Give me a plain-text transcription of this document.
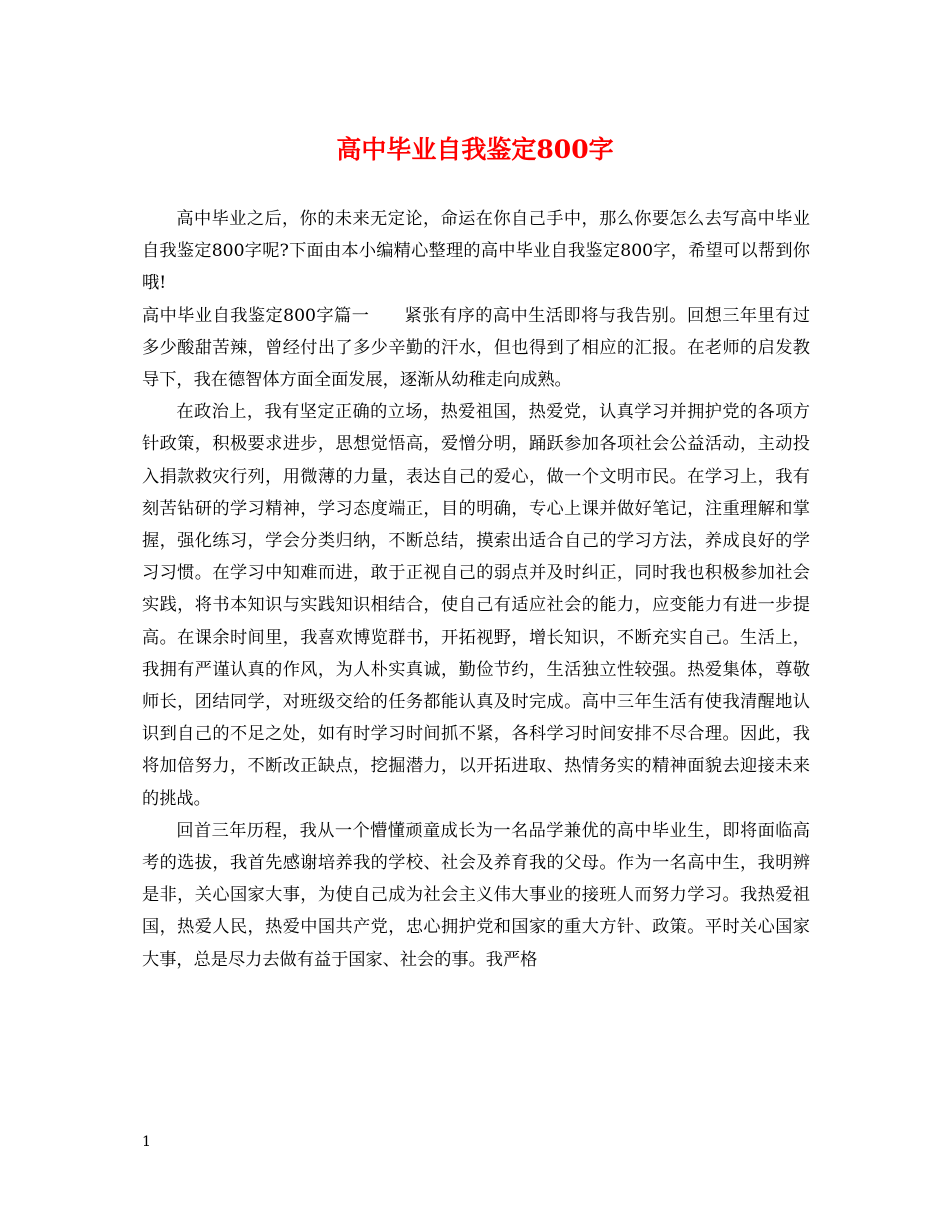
高中毕业自我鉴定800字

高中毕业之后，你的未来无定论，命运在你自己手中，那么你要怎么去写高中毕业自我鉴定800字呢?下面由本小编精心整理的高中毕业自我鉴定800字，希望可以帮到你哦!

高中毕业自我鉴定800字篇一　　紧张有序的高中生活即将与我告别。回想三年里有过多少酸甜苦辣，曾经付出了多少辛勤的汗水，但也得到了相应的汇报。在老师的启发教导下，我在德智体方面全面发展，逐渐从幼稚走向成熟。

在政治上，我有坚定正确的立场，热爱祖国，热爱党，认真学习并拥护党的各项方针政策，积极要求进步，思想觉悟高，爱憎分明，踊跃参加各项社会公益活动，主动投入捐款救灾行列，用微薄的力量，表达自己的爱心，做一个文明市民。在学习上，我有刻苦钻研的学习精神，学习态度端正，目的明确，专心上课并做好笔记，注重理解和掌握，强化练习，学会分类归纳，不断总结，摸索出适合自己的学习方法，养成良好的学习习惯。在学习中知难而进，敢于正视自己的弱点并及时纠正，同时我也积极参加社会实践，将书本知识与实践知识相结合，使自己有适应社会的能力，应变能力有进一步提高。在课余时间里，我喜欢博览群书，开拓视野，增长知识，不断充实自己。生活上，我拥有严谨认真的作风，为人朴实真诚，勤俭节约，生活独立性较强。热爱集体，尊敬师长，团结同学，对班级交给的任务都能认真及时完成。高中三年生活有使我清醒地认识到自己的不足之处，如有时学习时间抓不紧，各科学习时间安排不尽合理。因此，我将加倍努力，不断改正缺点，挖掘潜力，以开拓进取、热情务实的精神面貌去迎接未来的挑战。

回首三年历程，我从一个懵懂顽童成长为一名品学兼优的高中毕业生，即将面临高考的选拔，我首先感谢培养我的学校、社会及养育我的父母。作为一名高中生，我明辨是非，关心国家大事，为使自己成为社会主义伟大事业的接班人而努力学习。我热爱祖国，热爱人民，热爱中国共产党，忠心拥护党和国家的重大方针、政策。平时关心国家大事，总是尽力去做有益于国家、社会的事。我严格

1
